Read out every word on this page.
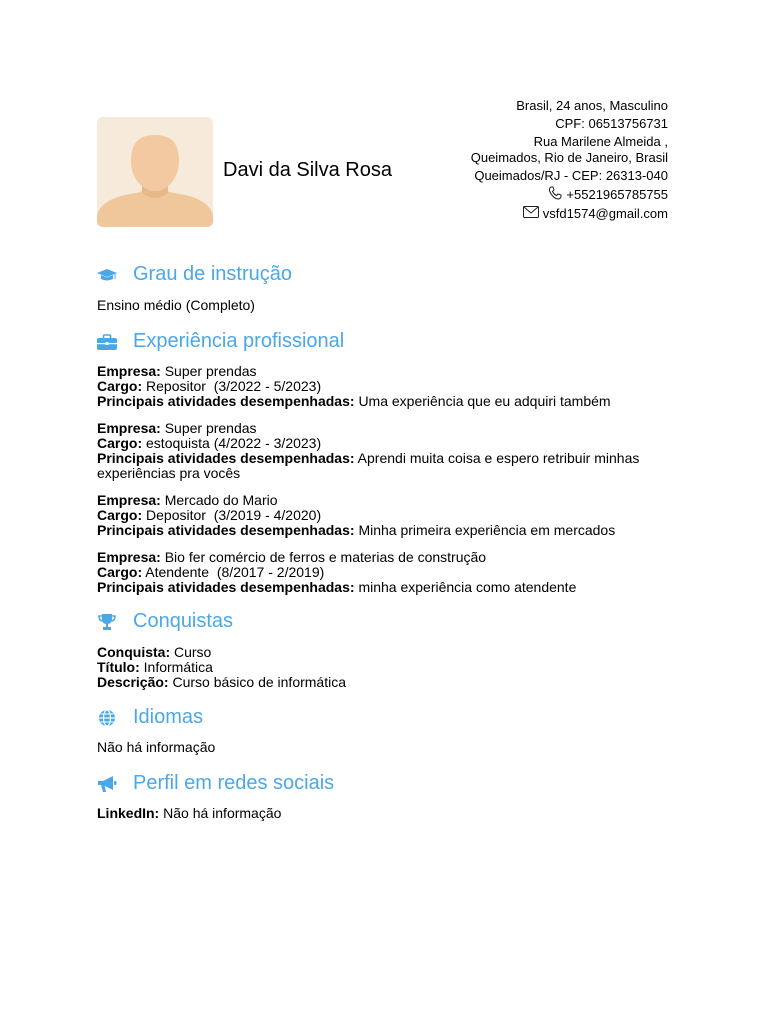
Davi da Silva Rosa
Brasil, 24 anos, Masculino
CPF: 06513756731
Rua Marilene Almeida , Queimados, Rio de Janeiro, Brasil
Queimados/RJ - CEP: 26313-040
+5521965785755
vsfd1574@gmail.com
Grau de instrução
Ensino médio (Completo)
Experiência profissional
Empresa: Super prendas
Cargo: Repositor  (3/2022 - 5/2023)
Principais atividades desempenhadas: Uma experiência que eu adquiri também
Empresa: Super prendas
Cargo: estoquista (4/2022 - 3/2023)
Principais atividades desempenhadas: Aprendi muita coisa e espero retribuir minhas experiências pra vocês
Empresa: Mercado do Mario
Cargo: Depositor  (3/2019 - 4/2020)
Principais atividades desempenhadas: Minha primeira experiência em mercados
Empresa: Bio fer comércio de ferros e materias de construção
Cargo: Atendente  (8/2017 - 2/2019)
Principais atividades desempenhadas: minha experiência como atendente
Conquistas
Conquista: Curso
Título: Informática
Descrição: Curso básico de informática
Idiomas
Não há informação
Perfil em redes sociais
LinkedIn: Não há informação
